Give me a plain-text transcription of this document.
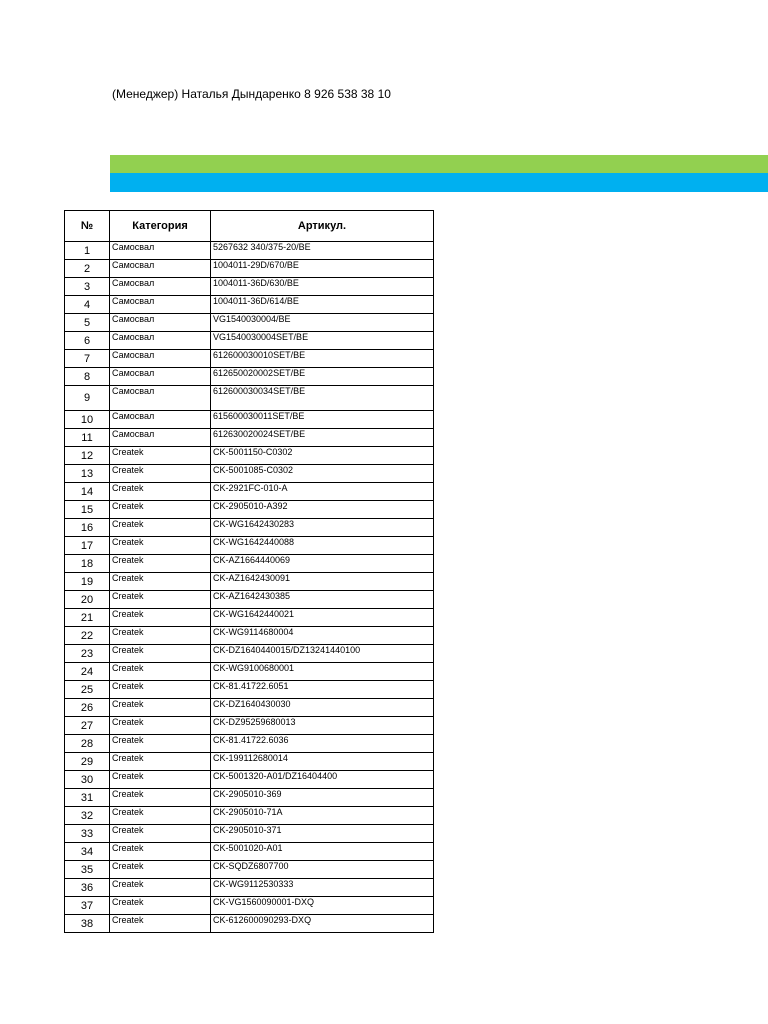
(Менеджер) Наталья Дындаренко 8 926 538 38 10
№	Категория	Артикул.
1	Самосвал	5267632 340/375-20/BE
2	Самосвал	1004011-29D/670/BE
3	Самосвал	1004011-36D/630/BE
4	Самосвал	1004011-36D/614/BE
5	Самосвал	VG1540030004/BE
6	Самосвал	VG1540030004SET/BE
7	Самосвал	612600030010SET/BE
8	Самосвал	612650020002SET/BE
9	Самосвал	612600030034SET/BE
10	Самосвал	615600030011SET/BE
11	Самосвал	612630020024SET/BE
12	Createk	CK-5001150-C0302
13	Createk	CK-5001085-C0302
14	Createk	CK-2921FC-010-A
15	Createk	CK-2905010-A392
16	Createk	CK-WG1642430283
17	Createk	CK-WG1642440088
18	Createk	CK-AZ1664440069
19	Createk	CK-AZ1642430091
20	Createk	CK-AZ1642430385
21	Createk	CK-WG1642440021
22	Createk	CK-WG9114680004
23	Createk	CK-DZ1640440015/DZ13241440100
24	Createk	CK-WG9100680001
25	Createk	CK-81.41722.6051
26	Createk	CK-DZ1640430030
27	Createk	CK-DZ95259680013
28	Createk	CK-81.41722.6036
29	Createk	CK-199112680014
30	Createk	CK-5001320-A01/DZ16404400
31	Createk	CK-2905010-369
32	Createk	CK-2905010-71A
33	Createk	CK-2905010-371
34	Createk	CK-5001020-A01
35	Createk	CK-SQDZ6807700
36	Createk	CK-WG9112530333
37	Createk	CK-VG1560090001-DXQ
38	Createk	CK-612600090293-DXQ
